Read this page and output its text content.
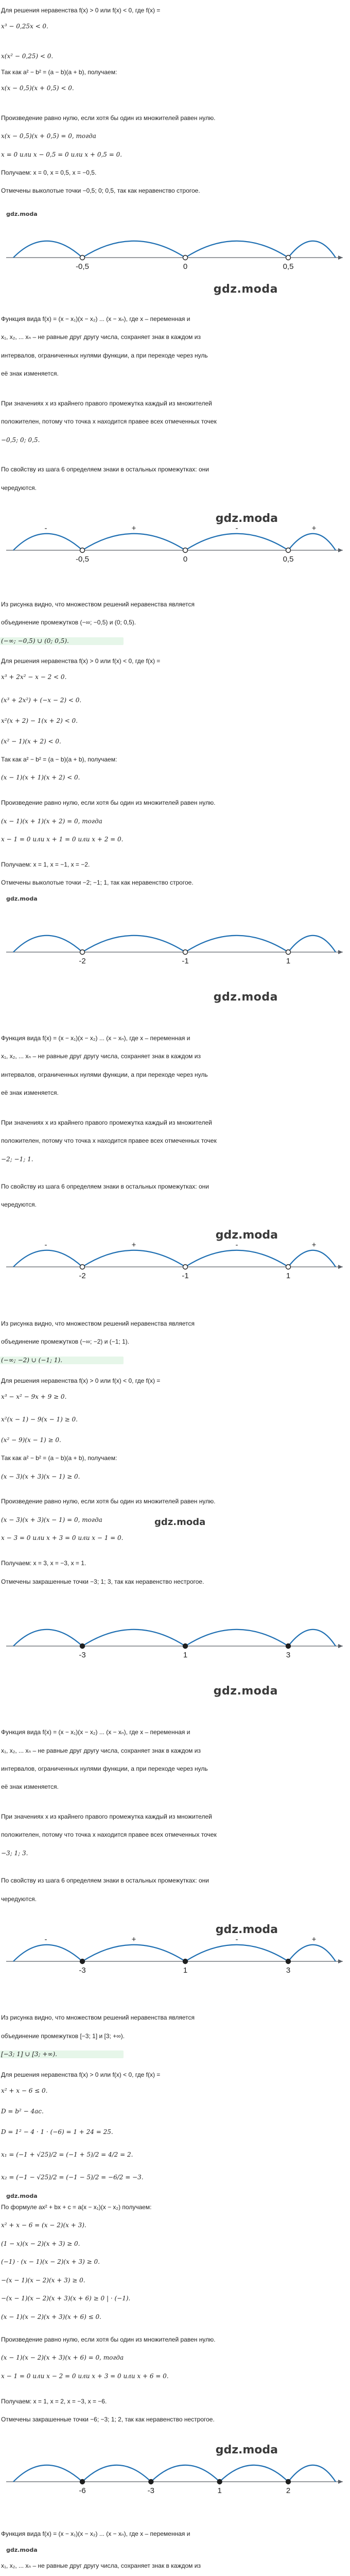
Для решения неравенства f(x) > 0 или f(x) < 0, где f(x) =
x³ − 0,25x < 0.
x(x² − 0,25) < 0.
Так как a² − b² = (a − b)(a + b), получаем:
x(x − 0,5)(x + 0,5) < 0.
Произведение равно нулю, если хотя бы один из множителей равен нулю.
x(x − 0,5)(x + 0,5) = 0, тогда
x = 0 или x − 0,5 = 0 или x + 0,5 = 0.
Получаем: x = 0, x = 0,5, x = −0,5.
Отмечены выколотые точки −0,5; 0; 0,5, так как неравенство строгое.
gdz.moda
-0,5	0	0,5
gdz.moda
Функция вида f(x) = (x − x₁)(x − x₂) ... (x − xₙ), где x – переменная и
x₁, x₂, ... xₙ – не равные друг другу числа, сохраняет знак в каждом из
интервалов, ограниченных нулями функции, а при переходе через нуль
её знак изменяется.
При значениях x из крайнего правого промежутка каждый из множителей
положителен, потому что точка x находится правее всех отмеченных точек
−0,5; 0; 0,5.
По свойству из шага 6 определяем знаки в остальных промежутках: они
чередуются.
-	+	-	+
-0,5	0	0,5
gdz.moda
Из рисунка видно, что множеством решений неравенства является
объединение промежутков (−∞; −0,5) и (0; 0,5).
(−∞; −0,5) ∪ (0; 0,5).
Для решения неравенства f(x) > 0 или f(x) < 0, где f(x) =
x³ + 2x² − x − 2 < 0.
(x³ + 2x²) + (−x − 2) < 0.
x²(x + 2) − 1(x + 2) < 0.
(x² − 1)(x + 2) < 0.
Так как a² − b² = (a − b)(a + b), получаем:
(x − 1)(x + 1)(x + 2) < 0.
Произведение равно нулю, если хотя бы один из множителей равен нулю.
(x − 1)(x + 1)(x + 2) = 0, тогда
x − 1 = 0 или x + 1 = 0 или x + 2 = 0.
Получаем: x = 1, x = −1, x = −2.
Отмечены выколотые точки −2; −1; 1, так как неравенство строгое.
gdz.moda
-2	-1	1
gdz.moda
Функция вида f(x) = (x − x₁)(x − x₂) ... (x − xₙ), где x – переменная и
x₁, x₂, ... xₙ – не равные друг другу числа, сохраняет знак в каждом из
интервалов, ограниченных нулями функции, а при переходе через нуль
её знак изменяется.
При значениях x из крайнего правого промежутка каждый из множителей
положителен, потому что точка x находится правее всех отмеченных точек
−2; −1; 1.
По свойству из шага 6 определяем знаки в остальных промежутках: они
чередуются.
-	+	-	+
-2	-1	1
gdz.moda
Из рисунка видно, что множеством решений неравенства является
объединение промежутков (−∞; −2) и (−1; 1).
(−∞; −2) ∪ (−1; 1).
Для решения неравенства f(x) > 0 или f(x) < 0, где f(x) =
x³ − x² − 9x + 9 ≥ 0.
x²(x − 1) − 9(x − 1) ≥ 0.
(x² − 9)(x − 1) ≥ 0.
Так как a² − b² = (a − b)(a + b), получаем:
(x − 3)(x + 3)(x − 1) ≥ 0.
Произведение равно нулю, если хотя бы один из множителей равен нулю.
(x − 3)(x + 3)(x − 1) = 0, тогда
x − 3 = 0 или x + 3 = 0 или x − 1 = 0.
Получаем: x = 3, x = −3, x = 1.
Отмечены закрашенные точки −3; 1; 3, так как неравенство нестрогое.
gdz.moda
-3	1	3
gdz.moda
Функция вида f(x) = (x − x₁)(x − x₂) ... (x − xₙ), где x – переменная и
x₁, x₂, ... xₙ – не равные друг другу числа, сохраняет знак в каждом из
интервалов, ограниченных нулями функции, а при переходе через нуль
её знак изменяется.
При значениях x из крайнего правого промежутка каждый из множителей
положителен, потому что точка x находится правее всех отмеченных точек
−3; 1; 3.
По свойству из шага 6 определяем знаки в остальных промежутках: они
чередуются.
-	+	-	+
-3	1	3
gdz.moda
Из рисунка видно, что множеством решений неравенства является
объединение промежутков [−3; 1] и [3; +∞).
[−3; 1] ∪ [3; +∞).
Для решения неравенства f(x) > 0 или f(x) < 0, где f(x) =
x² + x − 6 ≤ 0.
D = b² − 4ac.
D = 1² − 4 · 1 · (−6) = 1 + 24 = 25.
x₁ = (−1 + √25)/2 = (−1 + 5)/2 = 4/2 = 2.
x₂ = (−1 − √25)/2 = (−1 − 5)/2 = −6/2 = −3.
gdz.moda
По формуле ax² + bx + c = a(x − x₁)(x − x₂) получаем:
x² + x − 6 = (x − 2)(x + 3).
(1 − x)(x − 2)(x + 3) ≥ 0.
(−1) · (x − 1)(x − 2)(x + 3) ≥ 0.
−(x − 1)(x − 2)(x + 3) ≥ 0.
−(x − 1)(x − 2)(x + 3)(x + 6) ≥ 0 | · (−1).
(x − 1)(x − 2)(x + 3)(x + 6) ≤ 0.
Произведение равно нулю, если хотя бы один из множителей равен нулю.
(x − 1)(x − 2)(x + 3)(x + 6) = 0, тогда
x − 1 = 0 или x − 2 = 0 или x + 3 = 0 или x + 6 = 0.
Получаем: x = 1, x = 2, x = −3, x = −6.
Отмечены закрашенные точки −6; −3; 1; 2, так как неравенство нестрогое.
-6	-3	1	2
gdz.moda
Функция вида f(x) = (x − x₁)(x − x₂) ... (x − xₙ), где x – переменная и
gdz.moda
x₁, x₂, ... xₙ – не равные друг другу числа, сохраняет знак в каждом из
